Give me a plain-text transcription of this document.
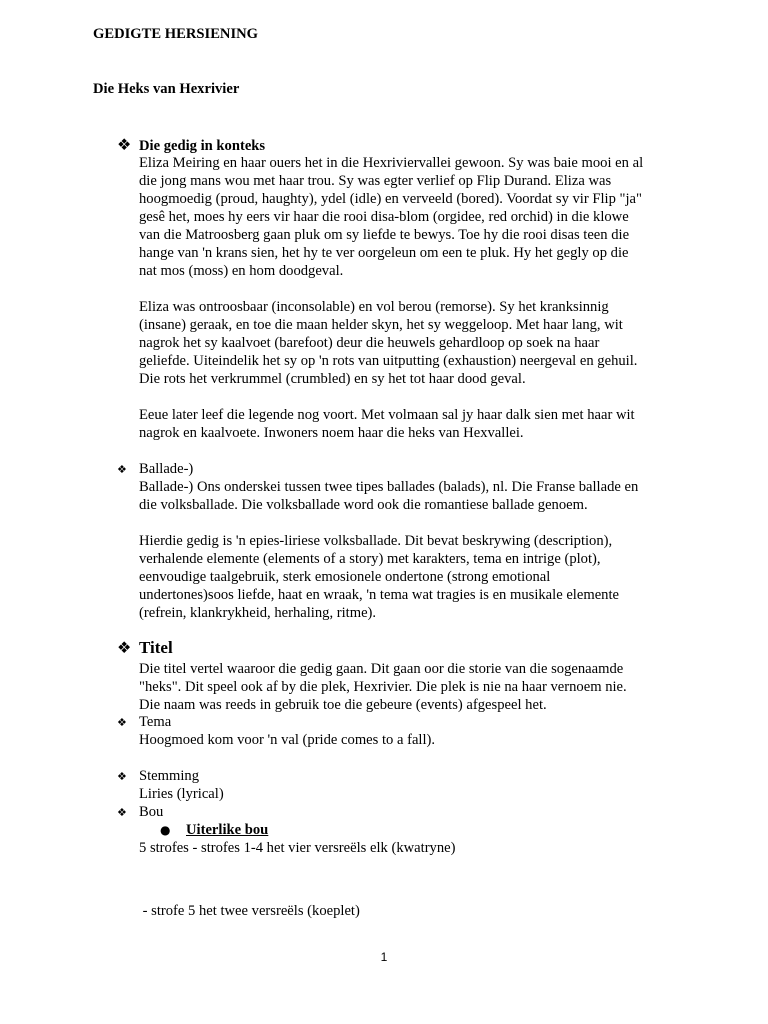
GEDIGTE HERSIENING
Die Heks van Hexrivier
❖ Die gedig in konteks

Eliza Meiring en haar ouers het in die Hexriviervallei gewoon. Sy was baie mooi en al

die jong mans wou met haar trou. Sy was egter verlief op Flip Durand. Eliza was

hoogmoedig (proud, haughty), ydel (idle) en verveeld (bored). Voordat sy vir Flip "ja"

gesê het, moes hy eers vir haar die rooi disa-blom (orgidee, red orchid) in die klowe

van die Matroosberg gaan pluk om sy liefde te bewys. Toe hy die rooi disas teen die

hange van 'n krans sien, het hy te ver oorgeleun om een te pluk. Hy het gegly op die

nat mos (moss) en hom doodgeval.

Eliza was ontroosbaar (inconsolable) en vol berou (remorse). Sy het kranksinnig

(insane) geraak, en toe die maan helder skyn, het sy weggeloop. Met haar lang, wit

nagrok het sy kaalvoet (barefoot) deur die heuwels gehardloop op soek na haar

geliefde. Uiteindelik het sy op 'n rots van uitputting (exhaustion) neergeval en gehuil.

Die rots het verkrummel (crumbled) en sy het tot haar dood geval.

Eeue later leef die legende nog voort. Met volmaan sal jy haar dalk sien met haar wit

nagrok en kaalvoete. Inwoners noem haar die heks van Hexvallei.

❖ Ballade-)

Ballade-) Ons onderskei tussen twee tipes ballades (balads), nl. Die Franse ballade en

die volksballade. Die volksballade word ook die romantiese ballade genoem.

Hierdie gedig is 'n epies-liriese volksballade. Dit bevat beskrywing (description),

verhalende elemente (elements of a story) met karakters, tema en intrige (plot),

eenvoudige taalgebruik, sterk emosionele ondertone (strong emotional

undertones)soos liefde, haat en wraak, 'n tema wat tragies is en musikale elemente

(refrein, klankrykheid, herhaling, ritme).

❖ Titel

Die titel vertel waaroor die gedig gaan. Dit gaan oor die storie van die sogenaamde

"heks". Dit speel ook af by die plek, Hexrivier. Die plek is nie na haar vernoem nie.

Die naam was reeds in gebruik toe die gebeure (events) afgespeel het.

❖ Tema

Hoogmoed kom voor 'n val (pride comes to a fall).

❖ Stemming

Liries (lyrical)

❖ Bou
●	Uiterlike bou

5 strofes - strofes 1-4 het vier versreëls elk (kwatryne)

- strofe 5 het twee versreëls (koeplet)

1
